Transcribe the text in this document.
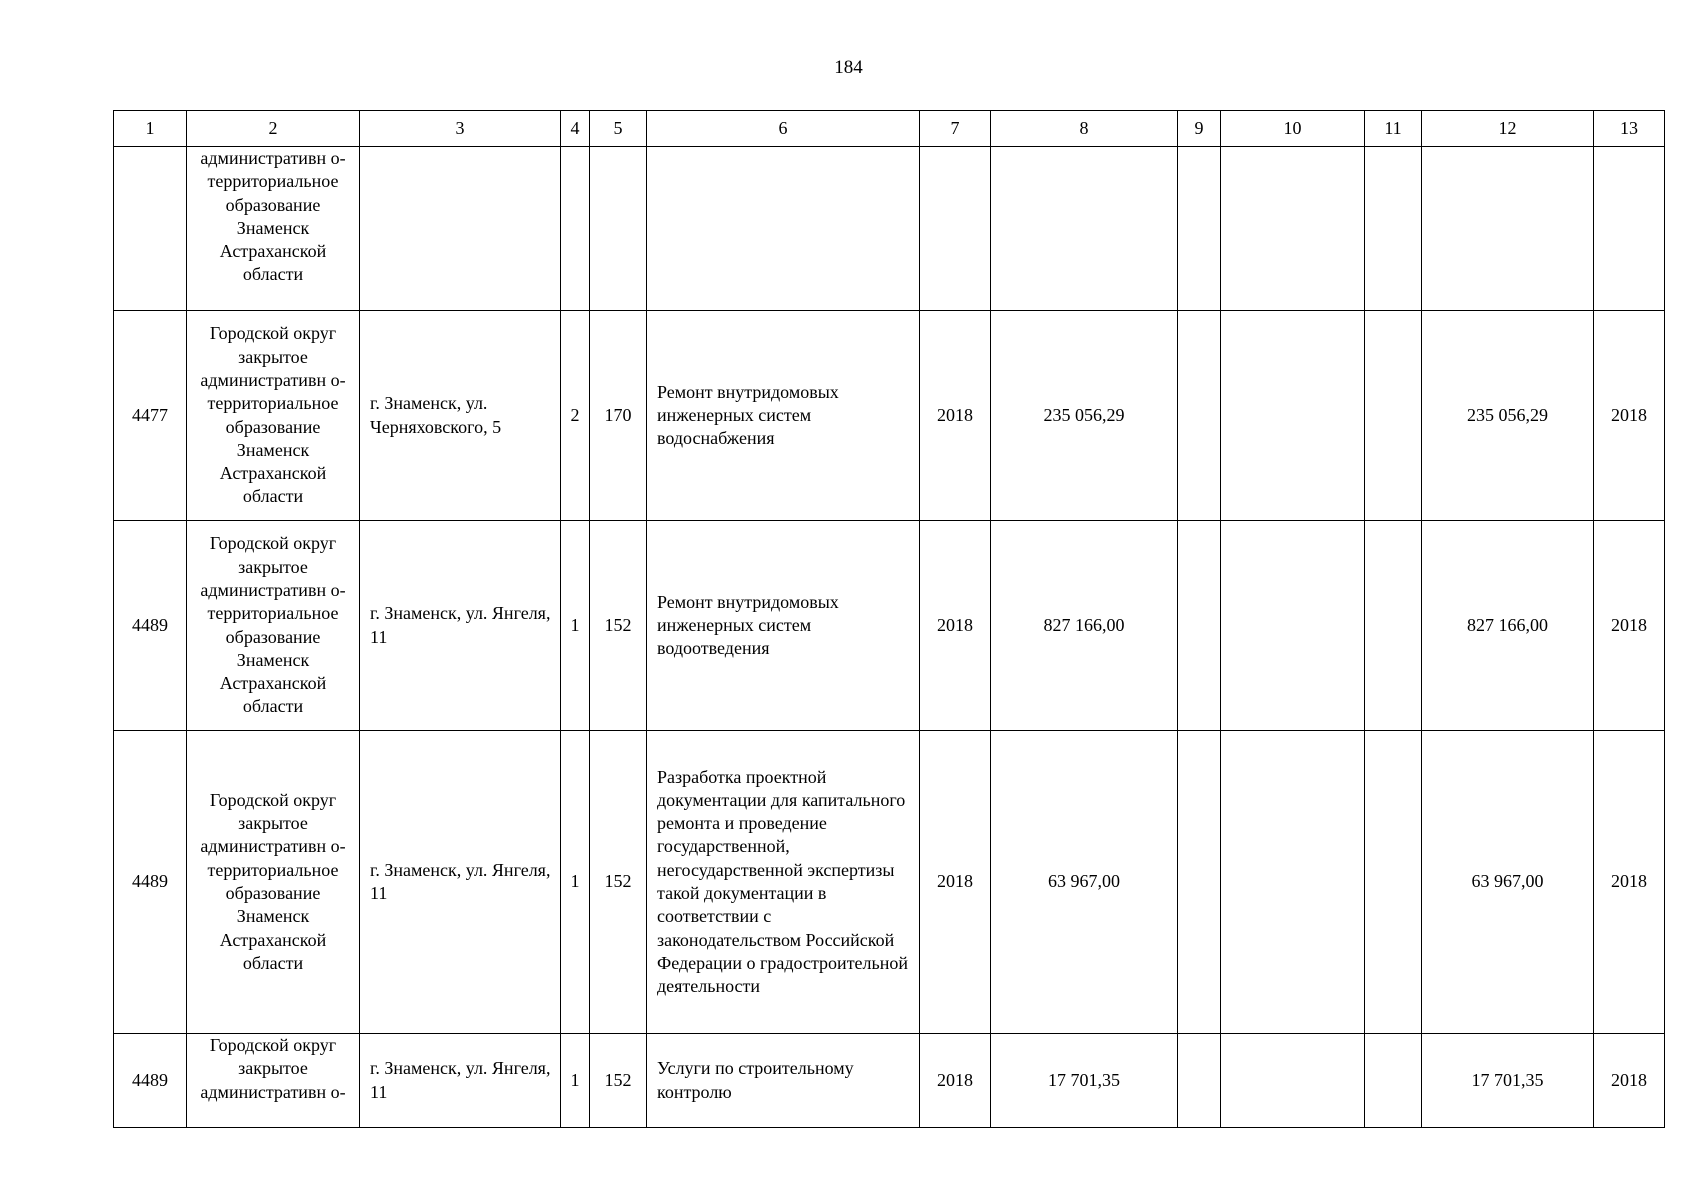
184
1	2	3	4	5	6	7	8	9	10	11	12	13
	административн о-территориальное образование Знаменск Астраханской области											
4477	Городской округ закрытое административн о-территориальное образование Знаменск Астраханской области	г. Знаменск, ул. Черняховского, 5	2	170	Ремонт внутридомовых инженерных систем водоснабжения	2018	235 056,29				235 056,29	2018
4489	Городской округ закрытое административн о-территориальное образование Знаменск Астраханской области	г. Знаменск, ул. Янгеля, 11	1	152	Ремонт внутридомовых инженерных систем водоотведения	2018	827 166,00				827 166,00	2018
4489	Городской округ закрытое административн о-территориальное образование Знаменск Астраханской области	г. Знаменск, ул. Янгеля, 11	1	152	Разработка проектной документации для капитального ремонта и проведение государственной, негосударственной экспертизы такой документации в соответствии с законодательством Российской Федерации о градостроительной деятельности	2018	63 967,00				63 967,00	2018
4489	Городской округ закрытое административн о-	г. Знаменск, ул. Янгеля, 11	1	152	Услуги по строительному контролю	2018	17 701,35				17 701,35	2018
